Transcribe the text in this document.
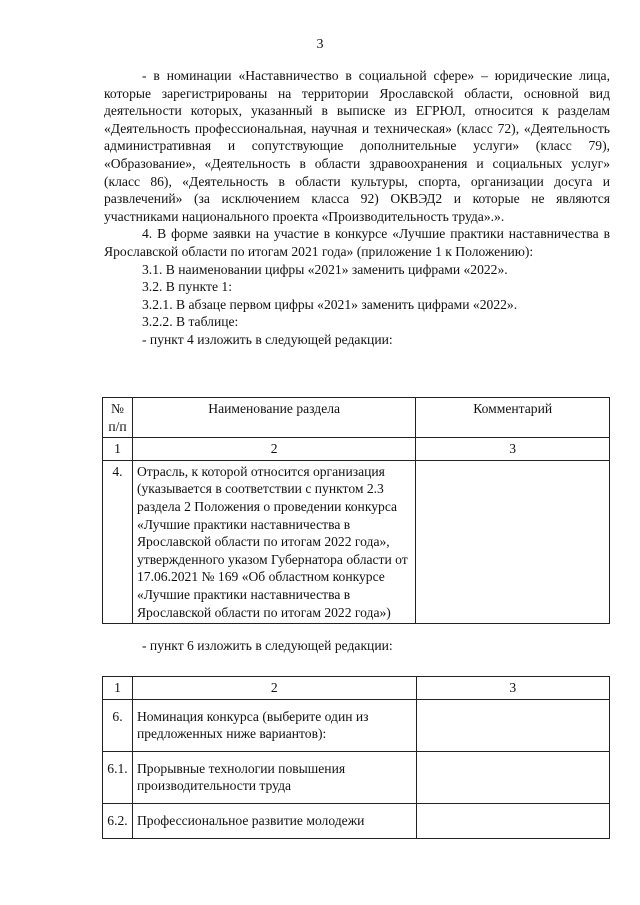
3

- в номинации «Наставничество в социальной сфере» – юридические лица, которые зарегистрированы на территории Ярославской области, основной вид деятельности которых, указанный в выписке из ЕГРЮЛ, относится к разделам «Деятельность профессиональная, научная и техническая» (класс 72), «Деятельность административная и сопутствующие дополнительные услуги» (класс 79), «Образование», «Деятельность в области здравоохранения и социальных услуг» (класс 86), «Деятельность в области культуры, спорта, организации досуга и развлечений» (за исключением класса 92) ОКВЭД2 и которые не являются участниками национального проекта «Производительность труда».».

4. В форме заявки на участие в конкурсе «Лучшие практики наставничества в Ярославской области по итогам 2021 года» (приложение 1 к Положению):

3.1. В наименовании цифры «2021» заменить цифрами «2022».

3.2. В пункте 1:

3.2.1. В абзаце первом цифры «2021» заменить цифрами «2022».

3.2.2. В таблице:

- пункт 4 изложить в следующей редакции:

№ п/п	Наименование раздела	Комментарий
1	2	3
4.	Отрасль, к которой относится организация (указывается в соответствии с пунктом 2.3 раздела 2 Положения о проведении конкурса «Лучшие практики наставничества в Ярославской области по итогам 2022 года», утвержденного указом Губернатора области от 17.06.2021 № 169 «Об областном конкурсе «Лучшие практики наставничества в Ярославской области по итогам 2022 года»)	
- пункт 6 изложить в следующей редакции:
1	2	3
6.	Номинация конкурса (выберите один из предложенных ниже вариантов):	
6.1.	Прорывные технологии повышения производительности труда	
6.2.	Профессиональное развитие молодежи	
